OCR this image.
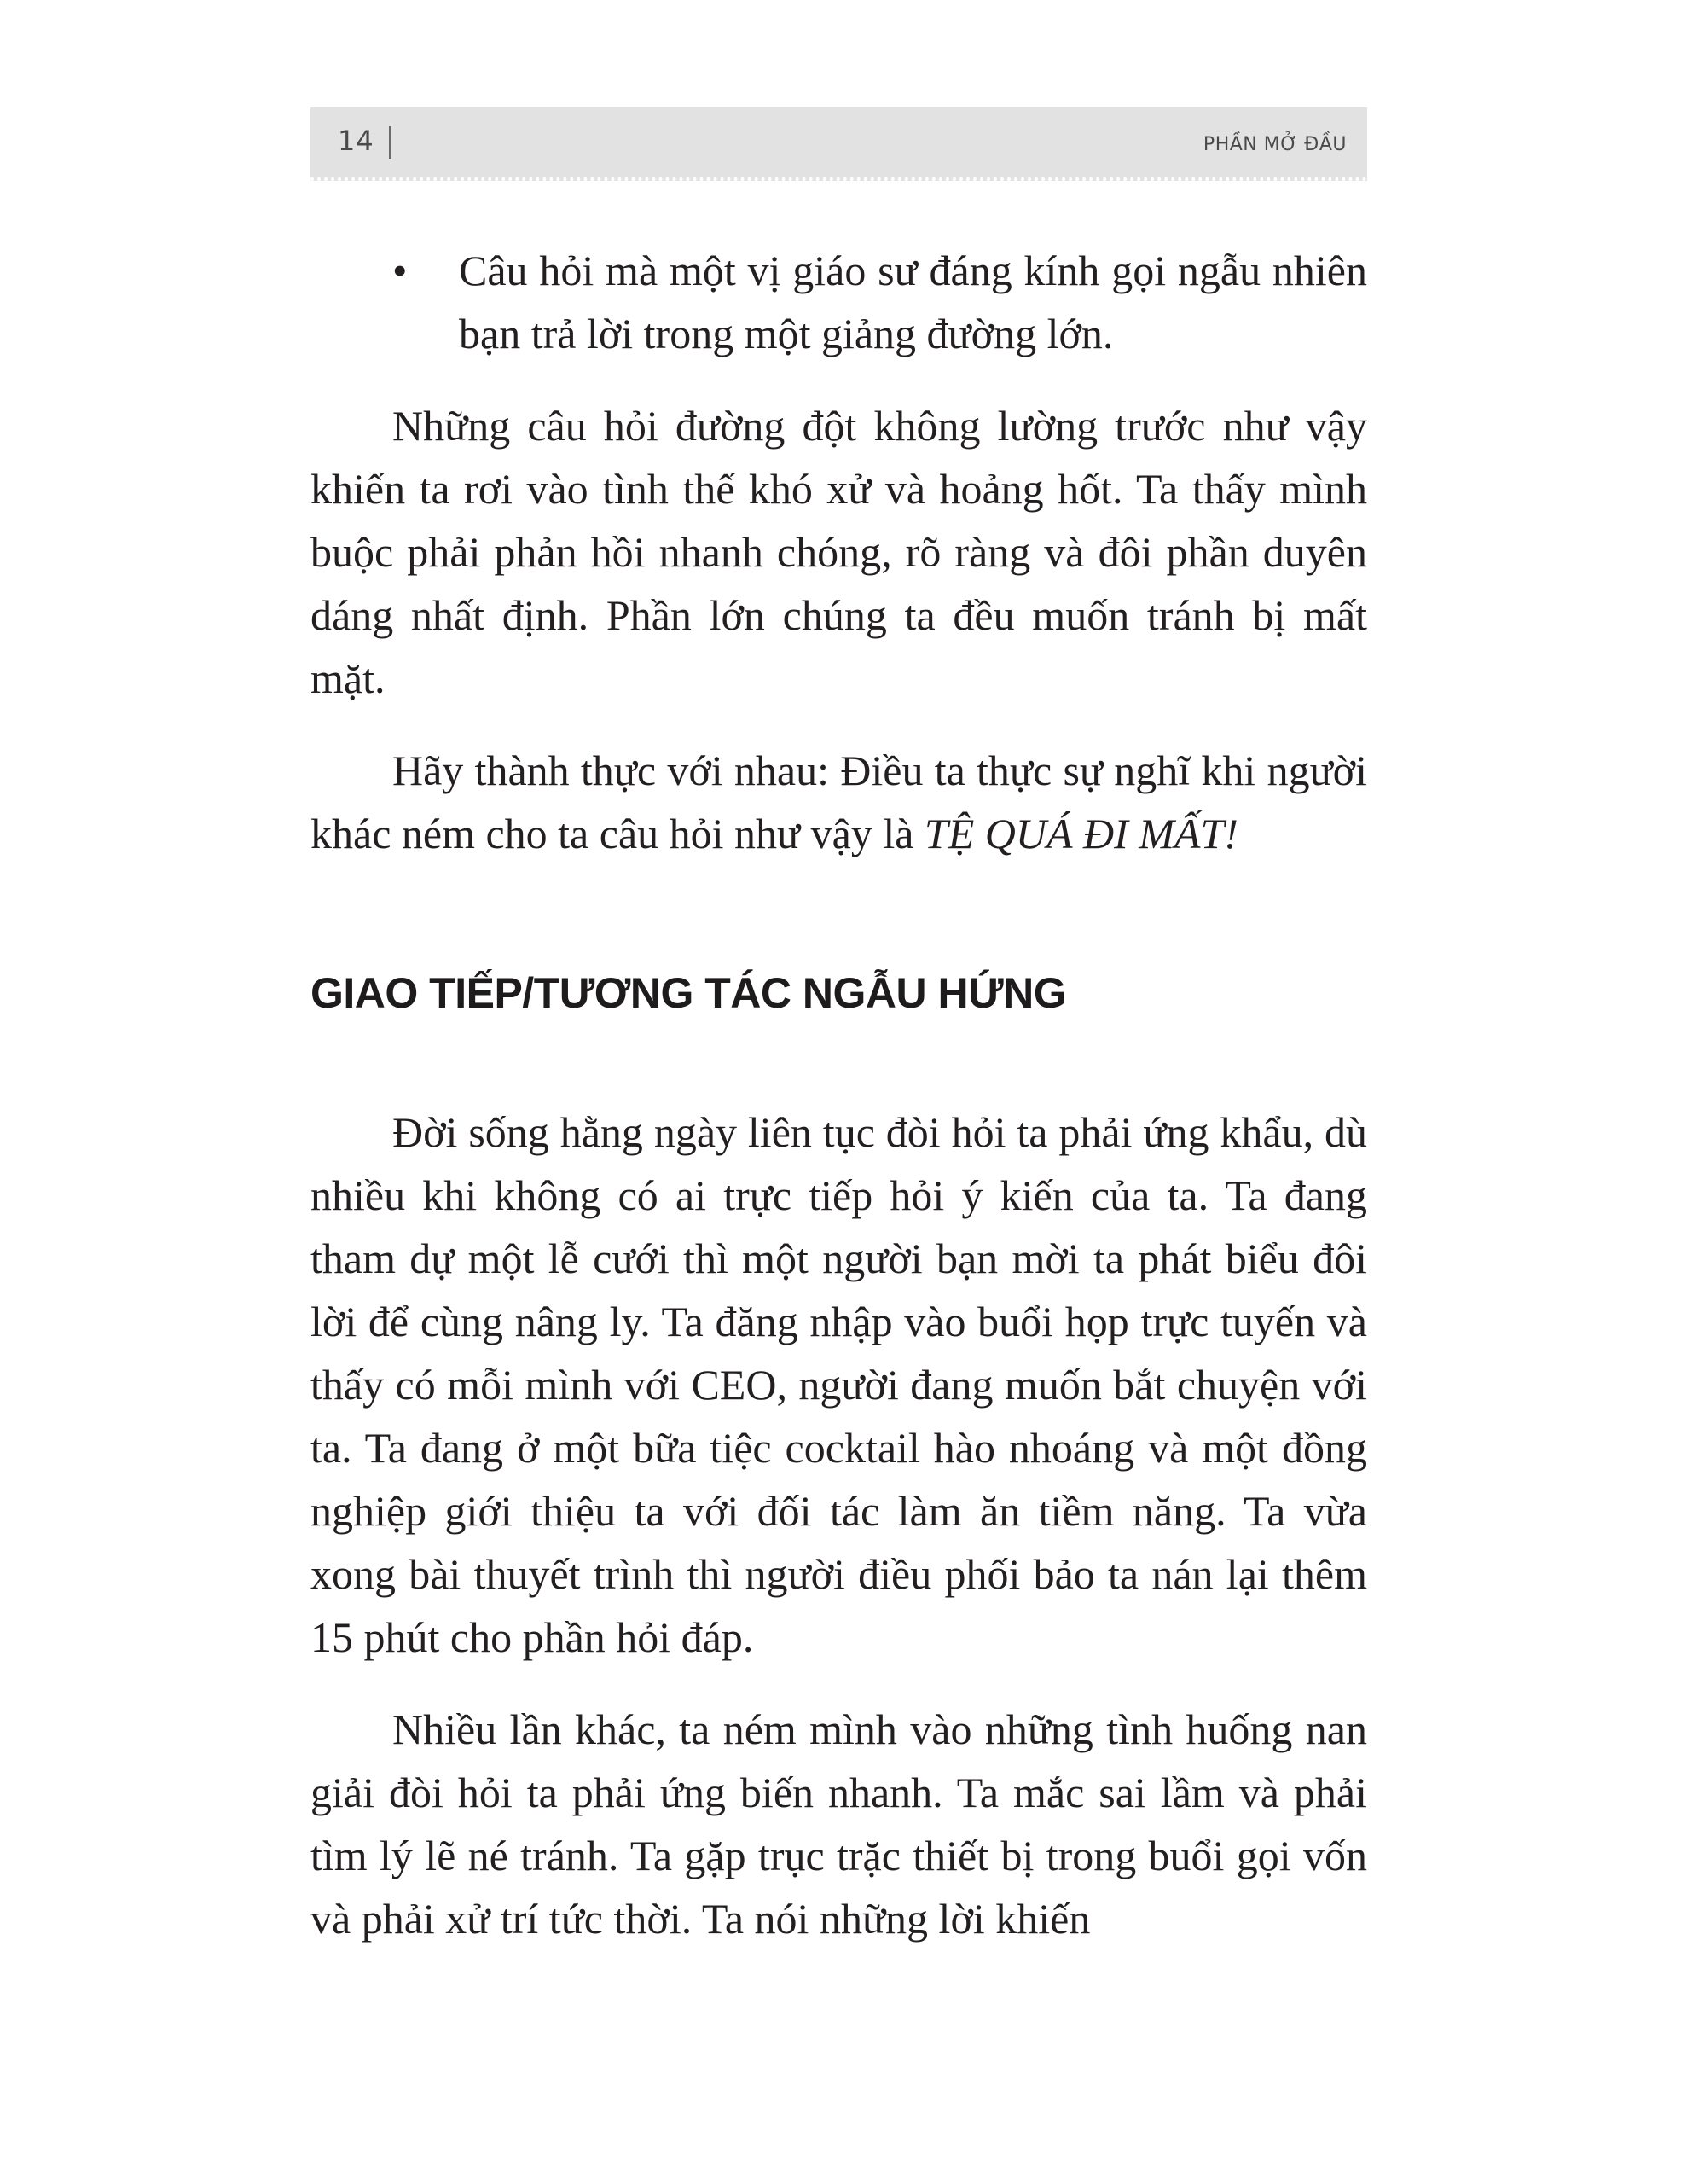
14	PHẦN MỞ ĐẦU

• Câu hỏi mà một vị giáo sư đáng kính gọi ngẫu nhiên bạn trả lời trong một giảng đường lớn.

Những câu hỏi đường đột không lường trước như vậy khiến ta rơi vào tình thế khó xử và hoảng hốt. Ta thấy mình buộc phải phản hồi nhanh chóng, rõ ràng và đôi phần duyên dáng nhất định. Phần lớn chúng ta đều muốn tránh bị mất mặt.

Hãy thành thực với nhau: Điều ta thực sự nghĩ khi người khác ném cho ta câu hỏi như vậy là TỆ QUÁ ĐI MẤT!

GIAO TIẾP/TƯƠNG TÁC NGẪU HỨNG

Đời sống hằng ngày liên tục đòi hỏi ta phải ứng khẩu, dù nhiều khi không có ai trực tiếp hỏi ý kiến của ta. Ta đang tham dự một lễ cưới thì một người bạn mời ta phát biểu đôi lời để cùng nâng ly. Ta đăng nhập vào buổi họp trực tuyến và thấy có mỗi mình với CEO, người đang muốn bắt chuyện với ta. Ta đang ở một bữa tiệc cocktail hào nhoáng và một đồng nghiệp giới thiệu ta với đối tác làm ăn tiềm năng. Ta vừa xong bài thuyết trình thì người điều phối bảo ta nán lại thêm 15 phút cho phần hỏi đáp.

Nhiều lần khác, ta ném mình vào những tình huống nan giải đòi hỏi ta phải ứng biến nhanh. Ta mắc sai lầm và phải tìm lý lẽ né tránh. Ta gặp trục trặc thiết bị trong buổi gọi vốn và phải xử trí tức thời. Ta nói những lời khiến
